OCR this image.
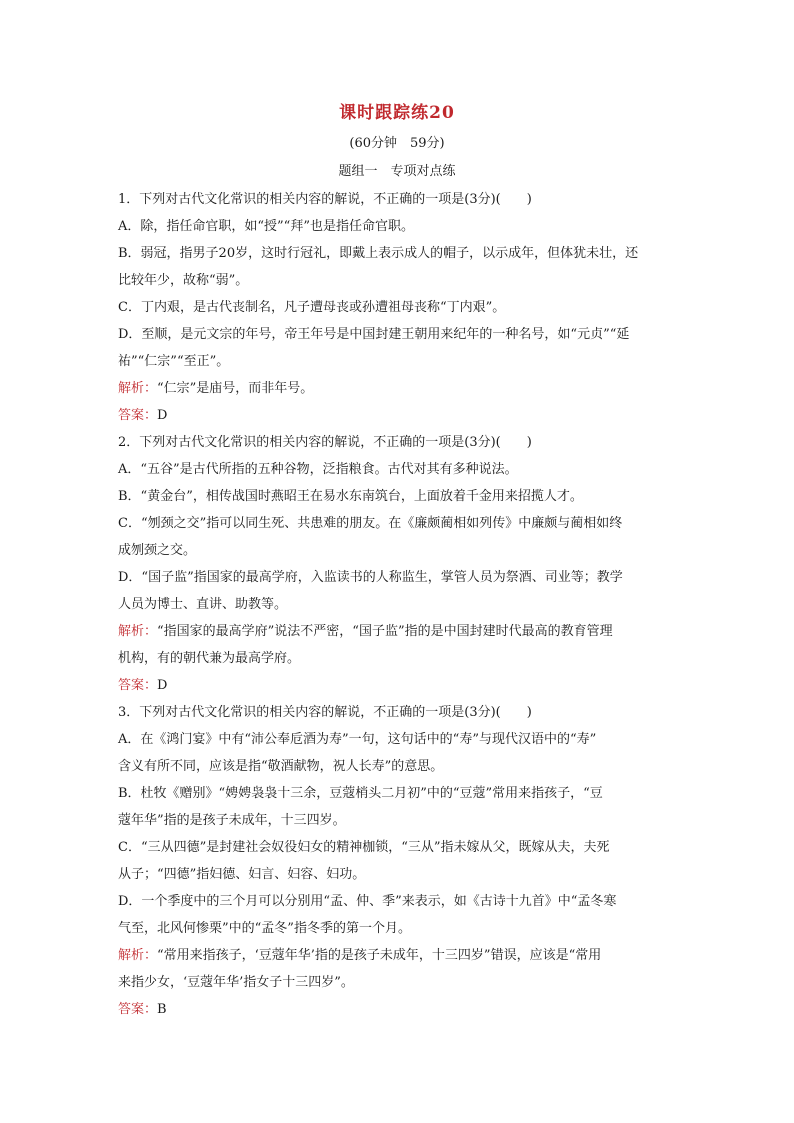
课时跟踪练20
(60分钟　59分)
题组一　专项对点练

1．下列对古代文化常识的相关内容的解说，不正确的一项是(3分)(　　)

A．除，指任命官职，如“授”“拜”也是指任命官职。

B．弱冠，指男子20岁，这时行冠礼，即戴上表示成人的帽子，以示成年，但体犹未壮，还

比较年少，故称“弱”。

C．丁内艰，是古代丧制名，凡子遭母丧或孙遭祖母丧称“丁内艰”。

D．至顺，是元文宗的年号，帝王年号是中国封建王朝用来纪年的一种名号，如“元贞”“延

祐”“仁宗”“至正”。

解析：“仁宗”是庙号，而非年号。

答案：D

2．下列对古代文化常识的相关内容的解说，不正确的一项是(3分)(　　)

A．“五谷”是古代所指的五种谷物，泛指粮食。古代对其有多种说法。

B．“黄金台”，相传战国时燕昭王在易水东南筑台，上面放着千金用来招揽人才。

C．“刎颈之交”指可以同生死、共患难的朋友。在《廉颇蔺相如列传》中廉颇与蔺相如终

成刎颈之交。

D．“国子监”指国家的最高学府，入监读书的人称监生，掌管人员为祭酒、司业等；教学

人员为博士、直讲、助教等。

解析：“指国家的最高学府”说法不严密，“国子监”指的是中国封建时代最高的教育管理

机构，有的朝代兼为最高学府。

答案：D

3．下列对古代文化常识的相关内容的解说，不正确的一项是(3分)(　　)

A．在《鸿门宴》中有“沛公奉卮酒为寿”一句，这句话中的“寿”与现代汉语中的“寿”

含义有所不同，应该是指“敬酒献物，祝人长寿”的意思。

B．杜牧《赠别》“娉娉袅袅十三余，豆蔻梢头二月初”中的“豆蔻”常用来指孩子，“豆

蔻年华”指的是孩子未成年，十三四岁。

C．“三从四德”是封建社会奴役妇女的精神枷锁，“三从”指未嫁从父，既嫁从夫，夫死

从子；“四德”指妇德、妇言、妇容、妇功。

D．一个季度中的三个月可以分别用“孟、仲、季”来表示，如《古诗十九首》中“孟冬寒

气至，北风何惨栗”中的“孟冬”指冬季的第一个月。

解析：“常用来指孩子，‘豆蔻年华’指的是孩子未成年，十三四岁”错误，应该是“常用

来指少女，‘豆蔻年华’指女子十三四岁”。

答案：B
